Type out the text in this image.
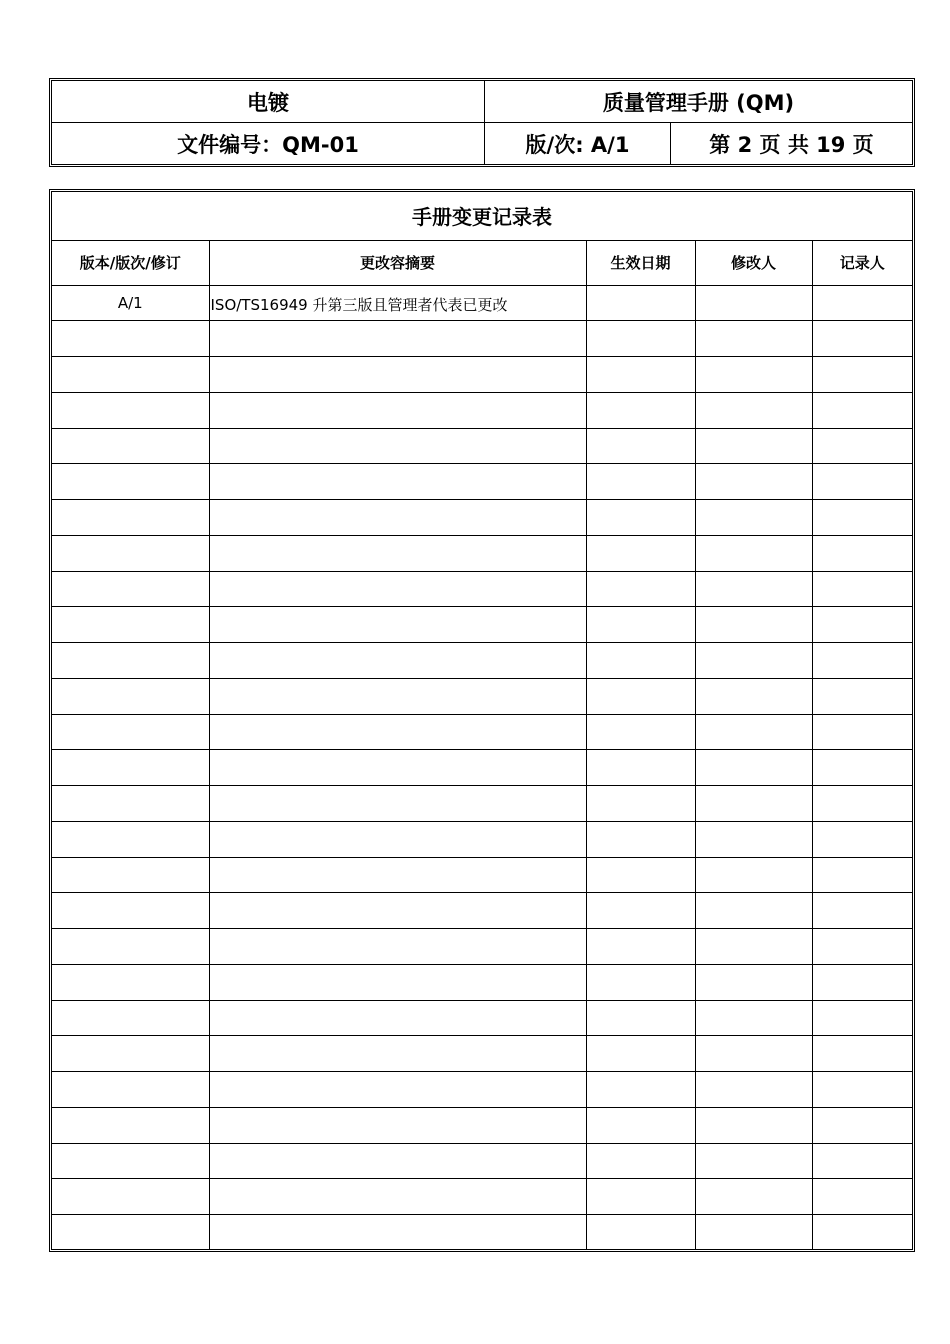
电镀	质量管理手册 (QM)
文件编号：QM-01	版/次: A/1	第 2 页 共 19 页
手册变更记录表				
版本/版次/修订	更改容摘要	生效日期	修改人	记录人
A/1	ISO/TS16949 升第三版且管理者代表已更改			
